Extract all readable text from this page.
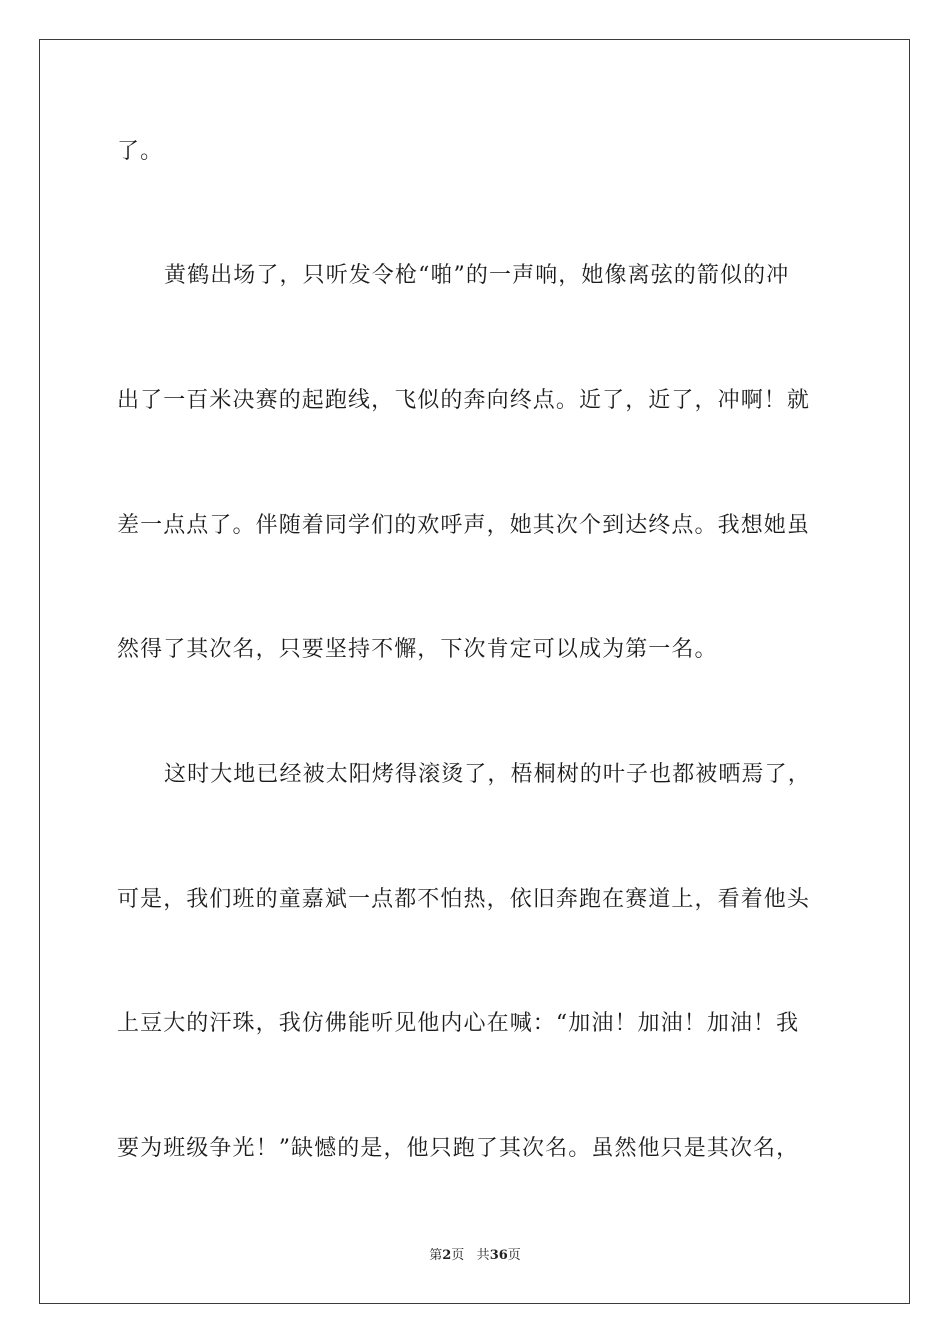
了。
黄鹤出场了，只听发令枪“啪”的一声响，她像离弦的箭似的冲
出了一百米决赛的起跑线，飞似的奔向终点。近了，近了，冲啊！就
差一点点了。伴随着同学们的欢呼声，她其次个到达终点。我想她虽
然得了其次名，只要坚持不懈，下次肯定可以成为第一名。
这时大地已经被太阳烤得滚烫了，梧桐树的叶子也都被晒焉了，
可是，我们班的童嘉斌一点都不怕热，依旧奔跑在赛道上，看着他头
上豆大的汗珠，我仿佛能听见他内心在喊：“加油！加油！加油！我
要为班级争光！”缺憾的是，他只跑了其次名。虽然他只是其次名，
第2页 共36页
